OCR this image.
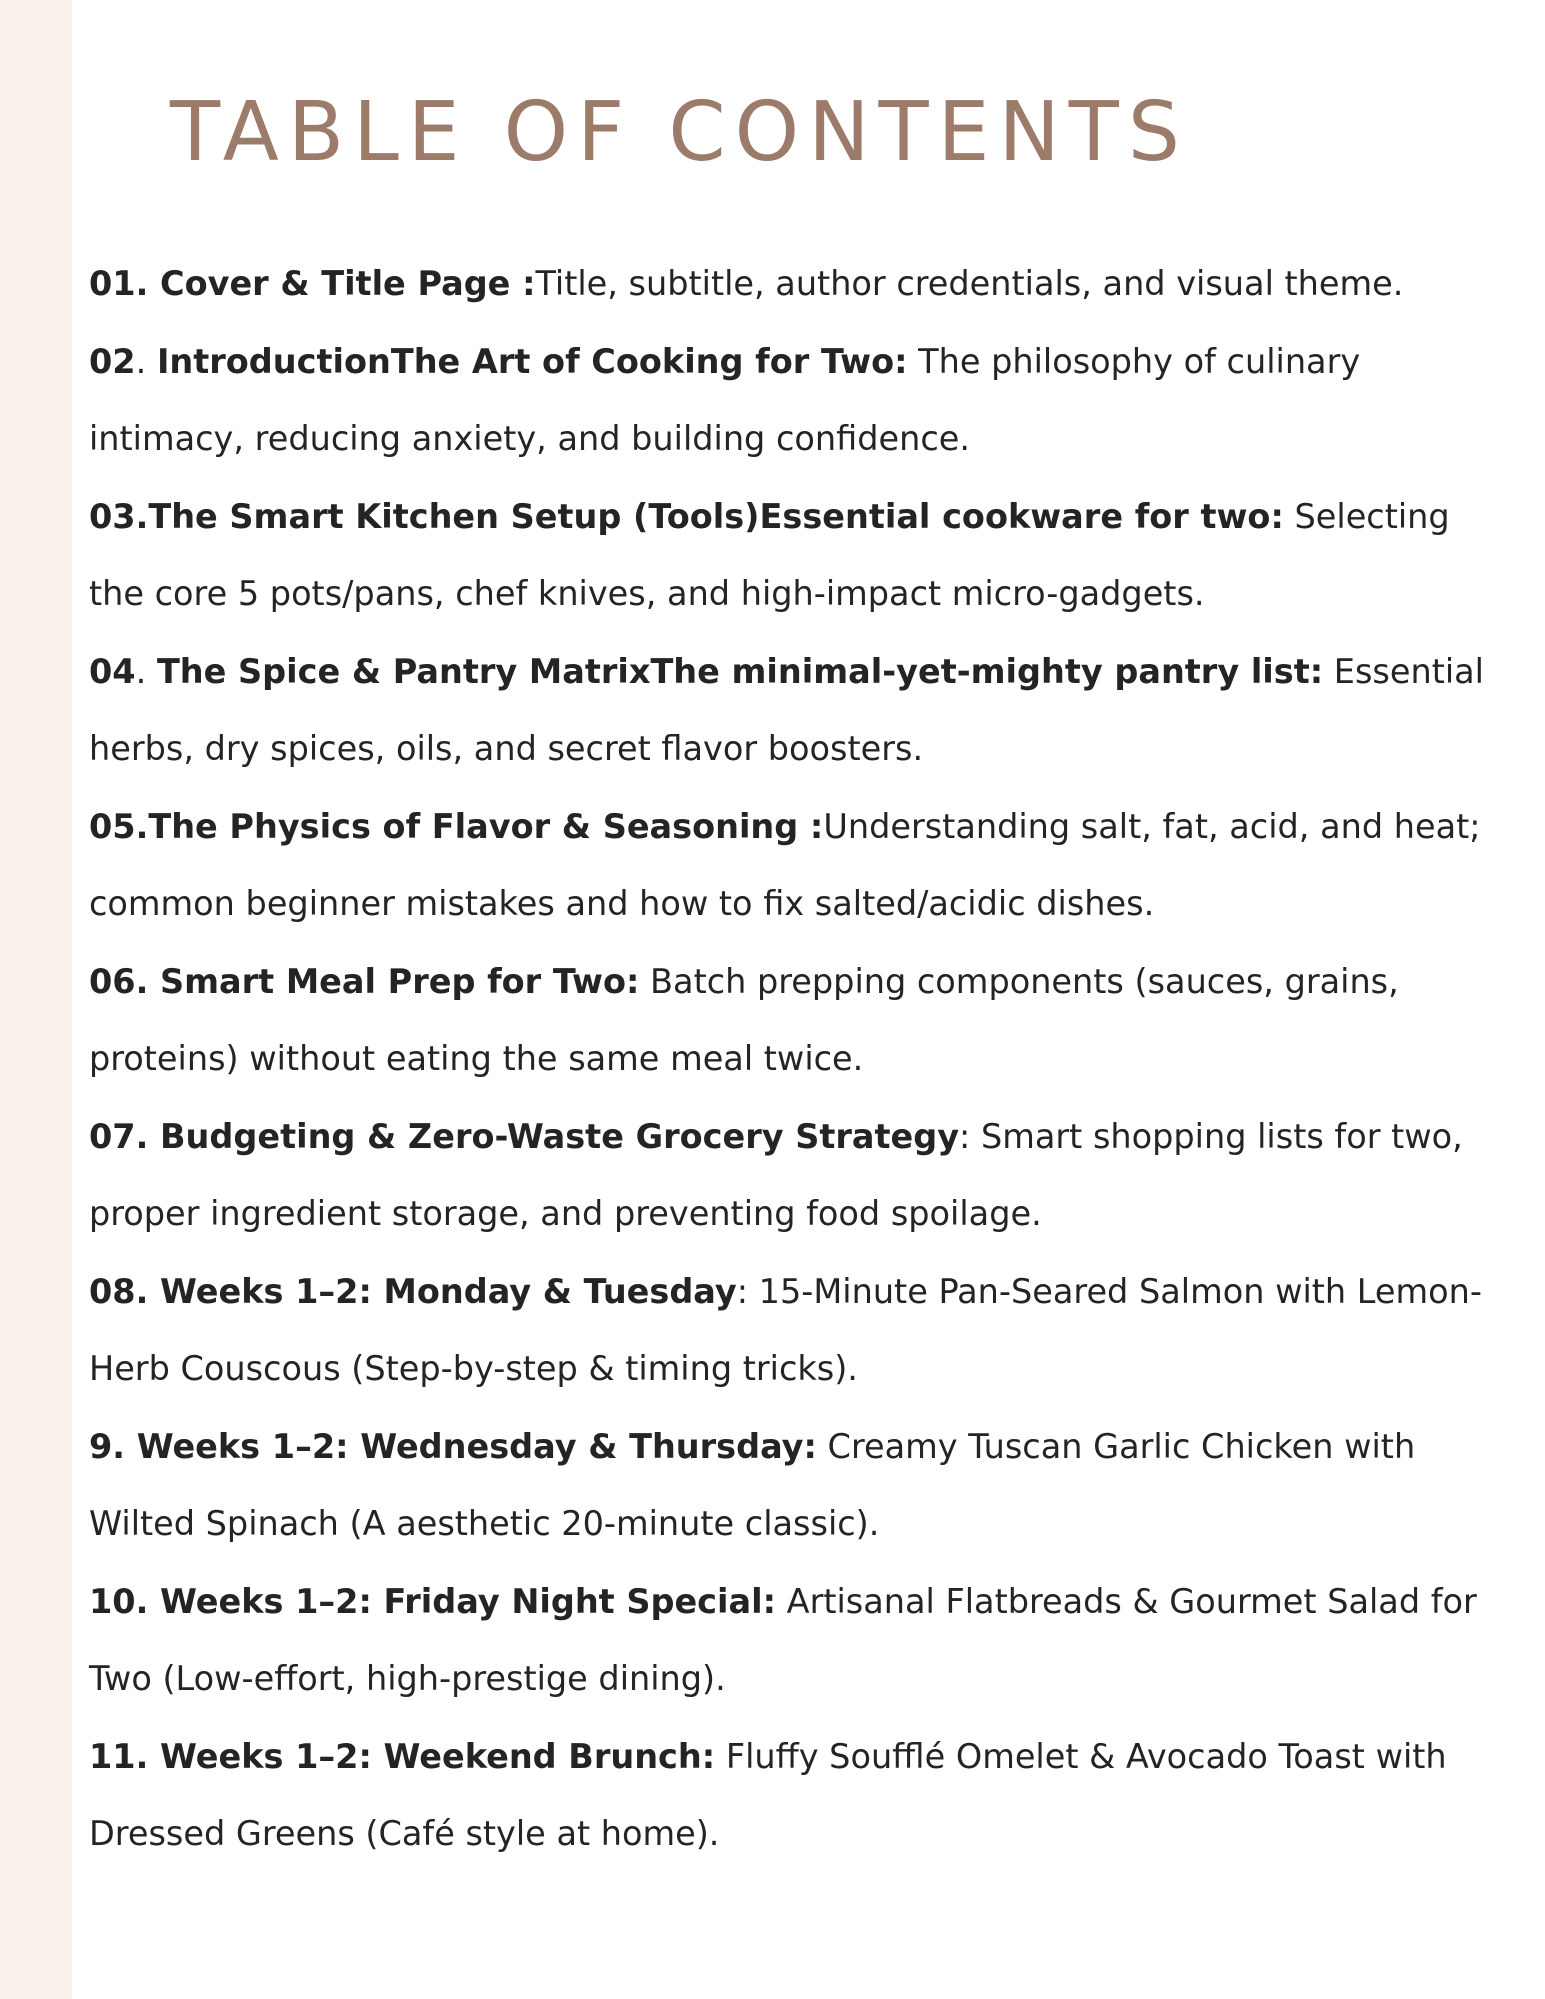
TABLE OF CONTENTS
01. Cover & Title Page :Title, subtitle, author credentials, and visual theme.
02. IntroductionThe Art of Cooking for Two: The philosophy of culinary intimacy, reducing anxiety, and building confidence.
03.The Smart Kitchen Setup (Tools)Essential cookware for two: Selecting the core 5 pots/pans, chef knives, and high-impact micro-gadgets.
04. The Spice & Pantry MatrixThe minimal-yet-mighty pantry list: Essential herbs, dry spices, oils, and secret flavor boosters.
05.The Physics of Flavor & Seasoning :Understanding salt, fat, acid, and heat; common beginner mistakes and how to fix salted/acidic dishes.
06. Smart Meal Prep for Two: Batch prepping components (sauces, grains, proteins) without eating the same meal twice.
07. Budgeting & Zero-Waste Grocery Strategy: Smart shopping lists for two, proper ingredient storage, and preventing food spoilage.
08. Weeks 1–2: Monday & Tuesday: 15-Minute Pan-Seared Salmon with Lemon-Herb Couscous (Step-by-step & timing tricks).
9. Weeks 1–2: Wednesday & Thursday: Creamy Tuscan Garlic Chicken with Wilted Spinach (A aesthetic 20-minute classic).
10. Weeks 1–2: Friday Night Special: Artisanal Flatbreads & Gourmet Salad for Two (Low-effort, high-prestige dining).
11. Weeks 1–2: Weekend Brunch: Fluffy Soufflé Omelet & Avocado Toast with Dressed Greens (Café style at home).
